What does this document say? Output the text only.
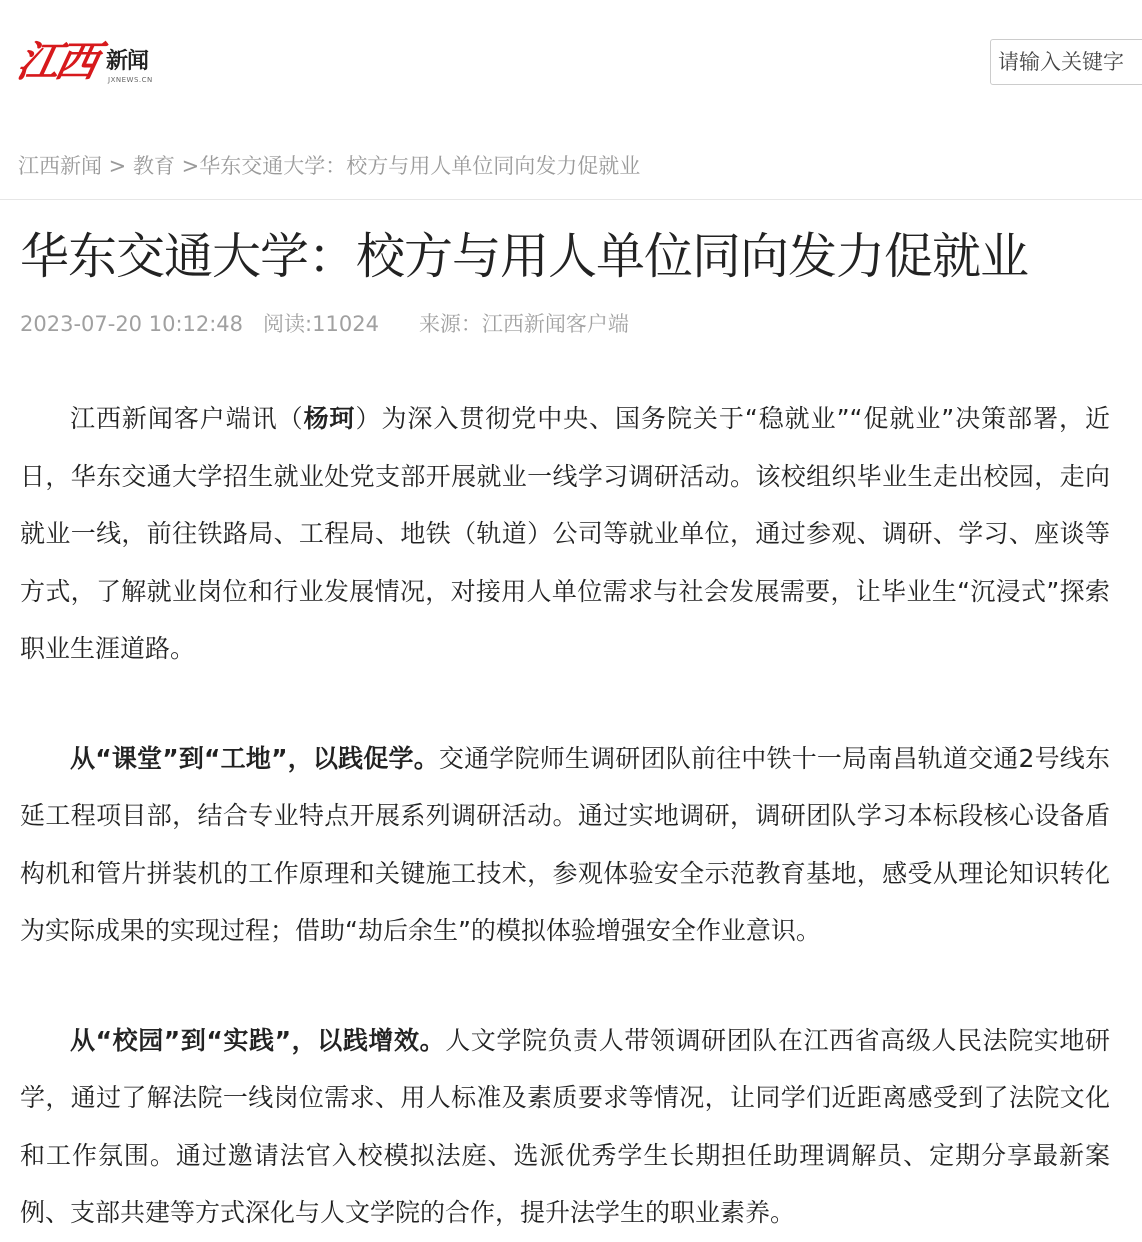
江西 新闻
JXNEWS.CN
请输入关键字
江西新闻 > 教育 >华东交通大学：校方与用人单位同向发力促就业
华东交通大学：校方与用人单位同向发力促就业
2023-07-20 10:12:48 阅读:11024 来源：江西新闻客户端

江西新闻客户端讯（杨珂）为深入贯彻党中央、国务院关于“稳就业”“促就业”决策部署，近日，华东交通大学招生就业处党支部开展就业一线学习调研活动。该校组织毕业生走出校园，走向就业一线，前往铁路局、工程局、地铁（轨道）公司等就业单位，通过参观、调研、学习、座谈等方式，了解就业岗位和行业发展情况，对接用人单位需求与社会发展需要，让毕业生“沉浸式”探索职业生涯道路。

从“课堂”到“工地”，以践促学。交通学院师生调研团队前往中铁十一局南昌轨道交通2号线东延工程项目部，结合专业特点开展系列调研活动。通过实地调研，调研团队学习本标段核心设备盾构机和管片拼装机的工作原理和关键施工技术，参观体验安全示范教育基地，感受从理论知识转化为实际成果的实现过程；借助“劫后余生”的模拟体验增强安全作业意识。

从“校园”到“实践”，以践增效。人文学院负责人带领调研团队在江西省高级人民法院实地研学，通过了解法院一线岗位需求、用人标准及素质要求等情况，让同学们近距离感受到了法院文化和工作氛围。通过邀请法官入校模拟法庭、选派优秀学生长期担任助理调解员、定期分享最新案例、支部共建等方式深化与人文学院的合作，提升法学生的职业素养。
